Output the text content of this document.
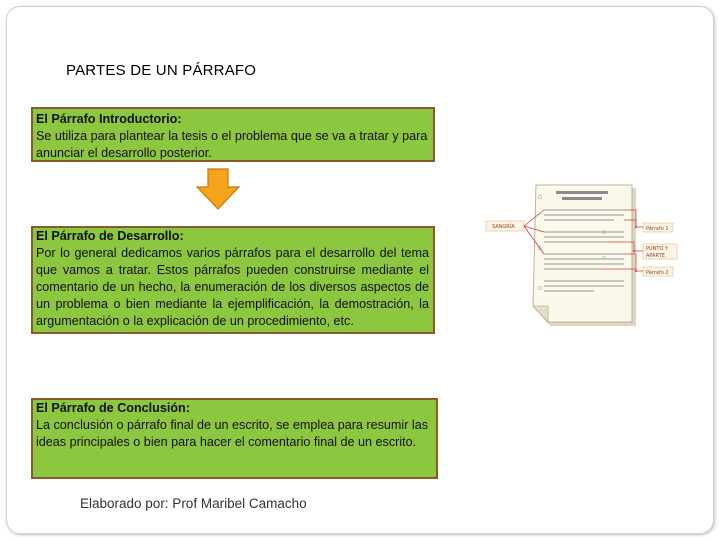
PARTES DE UN PÁRRAFO
El Párrafo Introductorio:
Se utiliza para plantear la tesis o el problema que se va a tratar y para anunciar el desarrollo posterior.
El Párrafo de Desarrollo:
Por lo general dedicamos varios párrafos para el desarrollo del tema que vamos a tratar. Estos párrafos pueden construirse mediante el comentario de un hecho, la enumeración de los diversos aspectos de un problema o bien mediante la ejemplificación, la demostración, la argumentación o la explicación de un procedimiento, etc.
El Párrafo de Conclusión:
La conclusión o párrafo final de un escrito, se emplea para resumir las ideas principales o bien para hacer el comentario final de un escrito.
SANGRÍA	Párrafo 1
PUNTO Y
APARTE
Párrafo 2
Elaborado por: Prof Maribel Camacho
